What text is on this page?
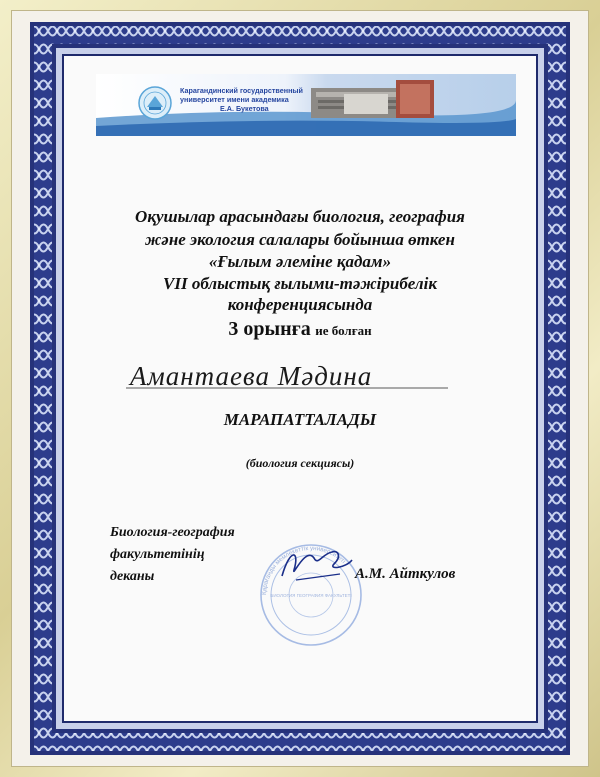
Карагандинский государственный
университет имени академика
Е.А. Букетова
Оқушылар арасындағы биология, география
және экология салалары бойынша өткен
«Ғылым әлеміне қадам»
VII облыстық ғылыми-тәжірибелік
конференциясында
3 орынға ие болған
Амантаева Мәдина
МАРАПАТТАЛАДЫ
(биология секциясы)
Биология-география
факультетінің
деканы
Қарағанды мемлекеттік университеті
БИОЛОГИЯ ГЕОГРАФИЯ ФАКУЛЬТЕТІ
А.М. Айткулов
